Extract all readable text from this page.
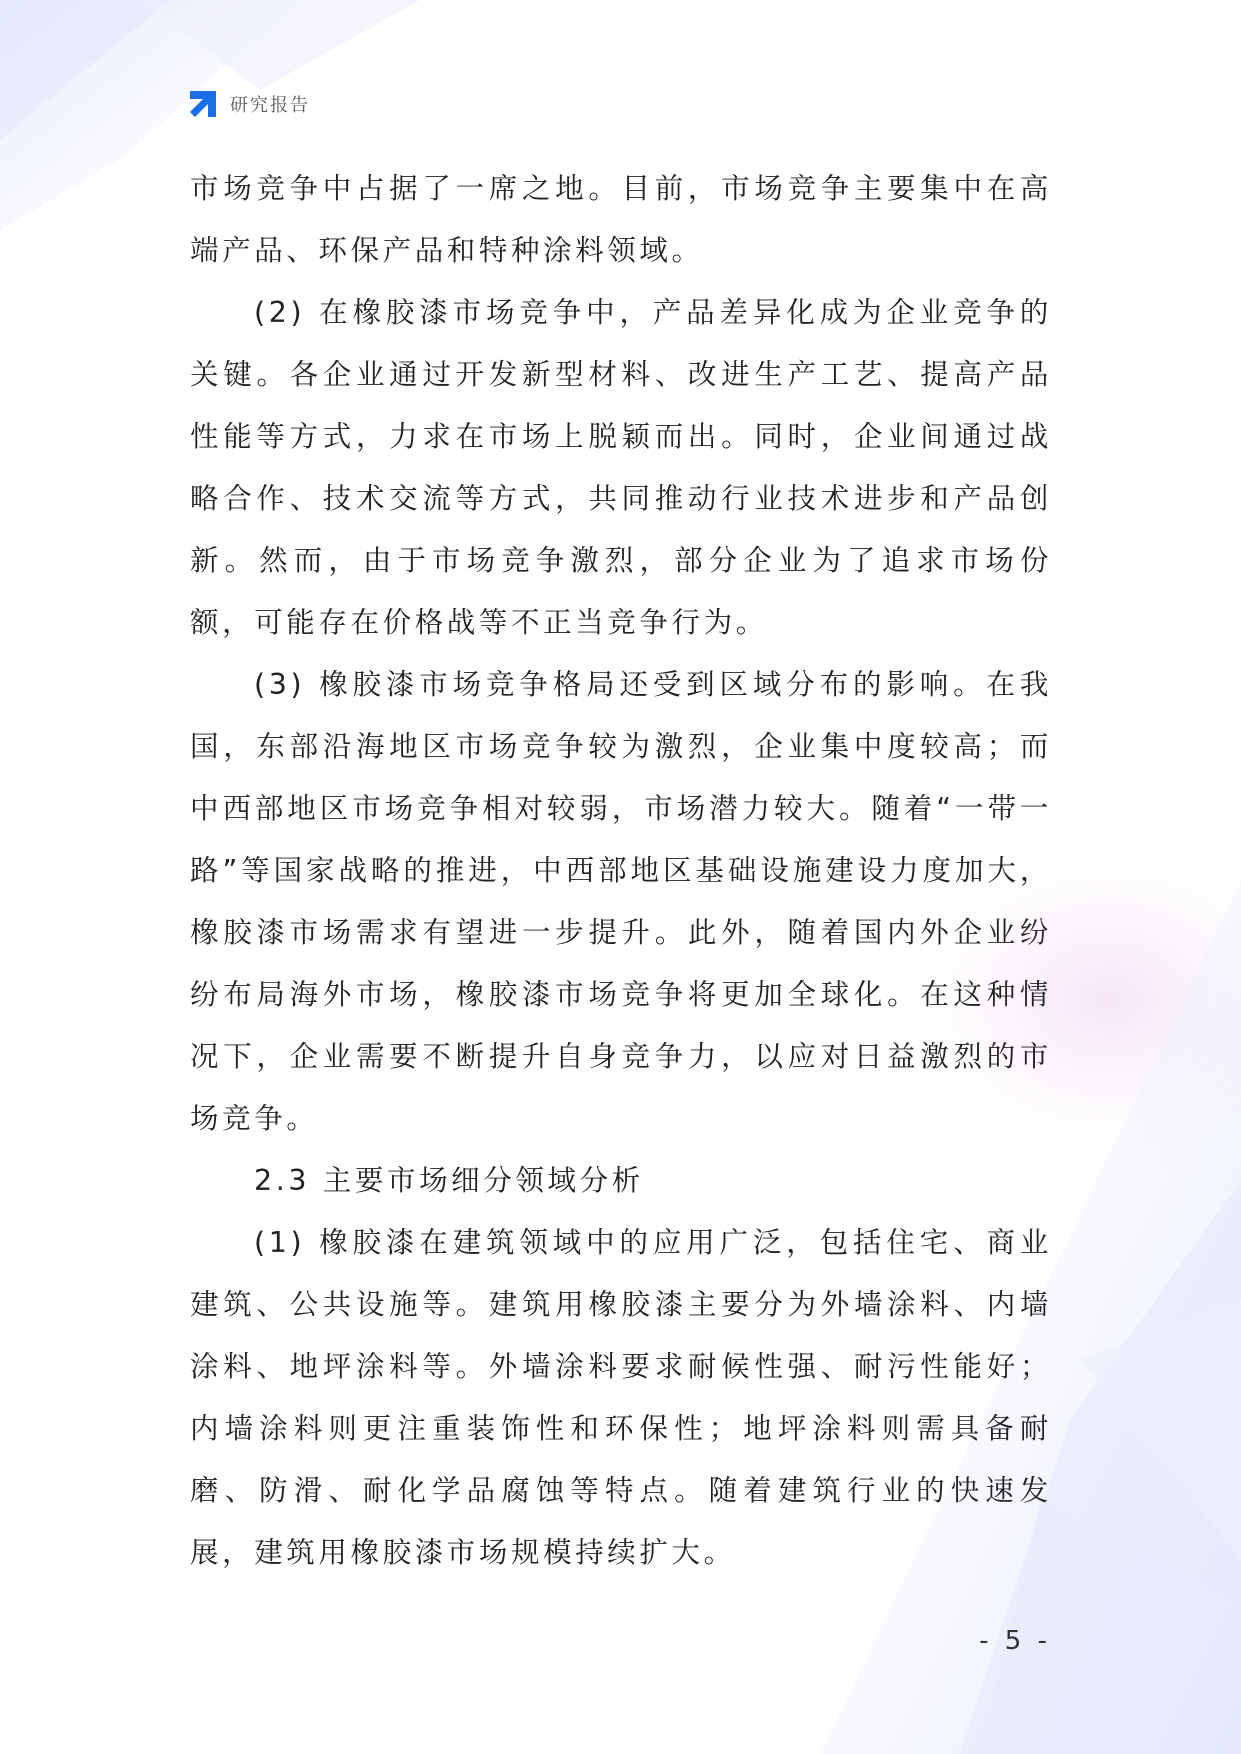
研究报告

市场竞争中占据了一席之地。目前，市场竞争主要集中在高端产品、环保产品和特种涂料领域。

(2) 在橡胶漆市场竞争中，产品差异化成为企业竞争的关键。各企业通过开发新型材料、改进生产工艺、提高产品性能等方式，力求在市场上脱颖而出。同时，企业间通过战略合作、技术交流等方式，共同推动行业技术进步和产品创新。然而，由于市场竞争激烈，部分企业为了追求市场份额，可能存在价格战等不正当竞争行为。

(3) 橡胶漆市场竞争格局还受到区域分布的影响。在我国，东部沿海地区市场竞争较为激烈，企业集中度较高；而中西部地区市场竞争相对较弱，市场潜力较大。随着“一带一路”等国家战略的推进，中西部地区基础设施建设力度加大，橡胶漆市场需求有望进一步提升。此外，随着国内外企业纷纷布局海外市场，橡胶漆市场竞争将更加全球化。在这种情况下，企业需要不断提升自身竞争力，以应对日益激烈的市场竞争。

2.3 主要市场细分领域分析

(1) 橡胶漆在建筑领域中的应用广泛，包括住宅、商业建筑、公共设施等。建筑用橡胶漆主要分为外墙涂料、内墙涂料、地坪涂料等。外墙涂料要求耐候性强、耐污性能好；内墙涂料则更注重装饰性和环保性；地坪涂料则需具备耐磨、防滑、耐化学品腐蚀等特点。随着建筑行业的快速发展，建筑用橡胶漆市场规模持续扩大。

- 5 -
